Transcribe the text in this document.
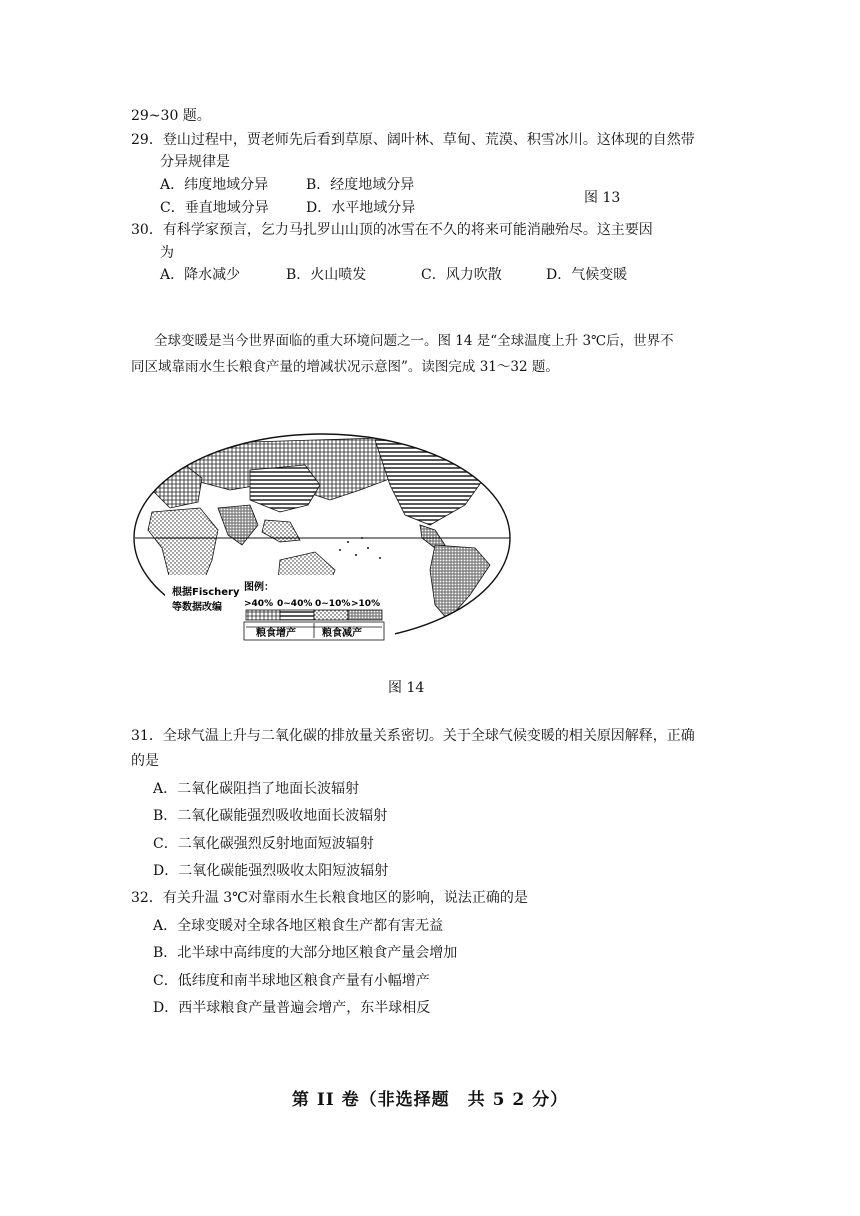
29~30 题。
29．登山过程中，贾老师先后看到草原、阔叶林、草甸、荒漠、积雪冰川。这体现的自然带
分异规律是
A．纬度地域分异	B．经度地域分异
C．垂直地域分异	D．水平地域分异
图 13
30．有科学家预言，乞力马扎罗山山顶的冰雪在不久的将来可能消融殆尽。这主要因
为
A．降水减少	B．火山喷发	C．风力吹散	D．气候变暖
全球变暖是当今世界面临的重大环境问题之一。图 14 是“全球温度上升 3℃后，世界不
同区域靠雨水生长粮食产量的增减状况示意图”。读图完成 31～32 题。
根据Fischery
等数据改编
图例：
>40% 0~40% 0~10% >10%
粮食增产	粮食减产
图 14
31．全球气温上升与二氧化碳的排放量关系密切。关于全球气候变暖的相关原因解释，正确
的是
A．二氧化碳阻挡了地面长波辐射
B．二氧化碳能强烈吸收地面长波辐射
C．二氧化碳强烈反射地面短波辐射
D．二氧化碳能强烈吸收太阳短波辐射
32．有关升温 3℃对靠雨水生长粮食地区的影响，说法正确的是
A．全球变暖对全球各地区粮食生产都有害无益
B．北半球中高纬度的大部分地区粮食产量会增加
C．低纬度和南半球地区粮食产量有小幅增产
D．西半球粮食产量普遍会增产，东半球相反
第 II 卷（非选择题　共 5 2 分）
